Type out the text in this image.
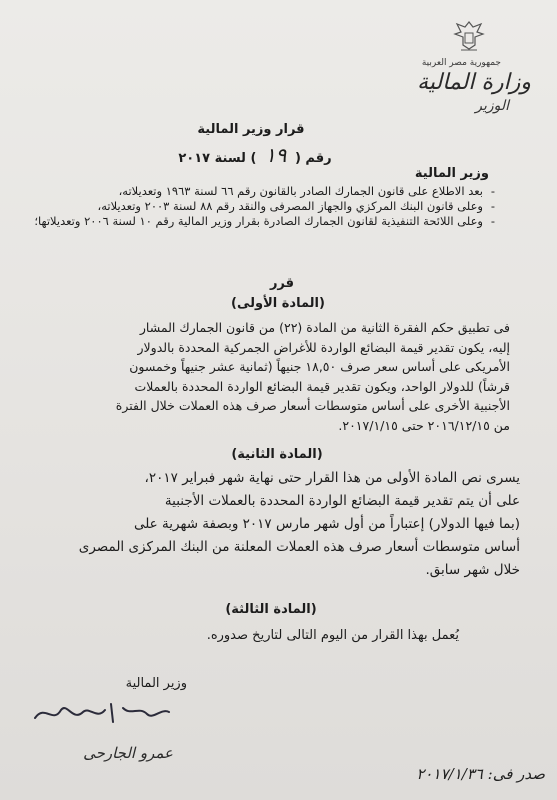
جمهورية مصر العربية
وزارة المالية
الوزير
قرار وزير المالية
رقم ( ١٩ ) لسنة ٢٠١٧
وزير المالية
- بعد الاطلاع على قانون الجمارك الصادر بالقانون رقم ٦٦ لسنة ١٩٦٣ وتعديلاته،
- وعلى قانون البنك المركزي والجهاز المصرفى والنقد رقم ٨٨ لسنة ٢٠٠٣ وتعديلاته،
- وعلى اللائحة التنفيذية لقانون الجمارك الصادرة بقرار وزير المالية رقم ١٠ لسنة ٢٠٠٦ وتعديلاتها؛
قرر
(المادة الأولى)
فى تطبيق حكم الفقرة الثانية من المادة (٢٢) من قانون الجمارك المشار
إليه، يكون تقدير قيمة البضائع الواردة للأغراض الجمركية المحددة بالدولار
الأمريكى على أساس سعر صرف ١٨,٥٠ جنيهاً (ثمانية عشر جنيهاً وخمسون
قرشاً) للدولار الواحد، ويكون تقدير قيمة البضائع الواردة المحددة بالعملات
الأجنبية الأخرى على أساس متوسطات أسعار صرف هذه العملات خلال الفترة
من ٢٠١٦/١٢/١٥ حتى ٢٠١٧/١/١٥.
(المادة الثانية)
يسرى نص المادة الأولى من هذا القرار حتى نهاية شهر فبراير ٢٠١٧،
على أن يتم تقدير قيمة البضائع الواردة المحددة بالعملات الأجنبية
(بما فيها الدولار) إعتباراً من أول شهر مارس ٢٠١٧ وبصفة شهرية على
أساس متوسطات أسعار صرف هذه العملات المعلنة من البنك المركزى المصرى
خلال شهر سابق.
(المادة الثالثة)
يُعمل بهذا القرار من اليوم التالى لتاريخ صدوره.
وزير المالية
عمرو الجارحى
صدر فى: ٢٠١٧/١/٣٦
